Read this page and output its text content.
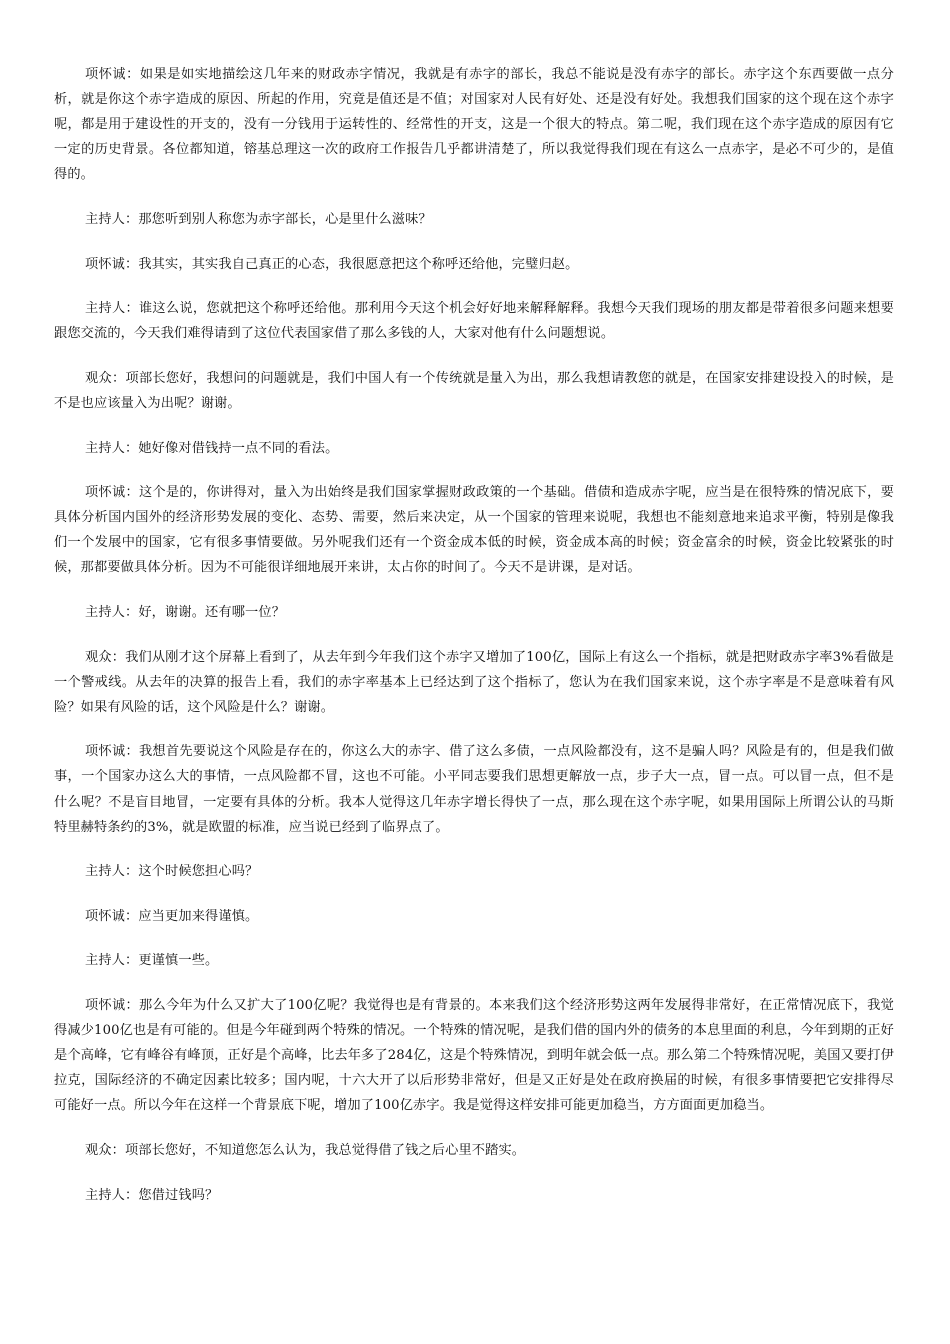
项怀诚：如果是如实地描绘这几年来的财政赤字情况，我就是有赤字的部长，我总不能说是没有赤字的部长。赤字这个东西要做一点分析，就是你这个赤字造成的原因、所起的作用，究竟是值还是不值；对国家对人民有好处、还是没有好处。我想我们国家的这个现在这个赤字呢，都是用于建设性的开支的，没有一分钱用于运转性的、经常性的开支，这是一个很大的特点。第二呢，我们现在这个赤字造成的原因有它一定的历史背景。各位都知道，镕基总理这一次的政府工作报告几乎都讲清楚了，所以我觉得我们现在有这么一点赤字，是必不可少的，是值得的。

主持人：那您听到别人称您为赤字部长，心是里什么滋味？

项怀诚：我其实，其实我自己真正的心态，我很愿意把这个称呼还给他，完璧归赵。

主持人：谁这么说，您就把这个称呼还给他。那利用今天这个机会好好地来解释解释。我想今天我们现场的朋友都是带着很多问题来想要跟您交流的，今天我们难得请到了这位代表国家借了那么多钱的人，大家对他有什么问题想说。

观众：项部长您好，我想问的问题就是，我们中国人有一个传统就是量入为出，那么我想请教您的就是，在国家安排建设投入的时候，是不是也应该量入为出呢？谢谢。

主持人：她好像对借钱持一点不同的看法。

项怀诚：这个是的，你讲得对，量入为出始终是我们国家掌握财政政策的一个基础。借债和造成赤字呢，应当是在很特殊的情况底下，要具体分析国内国外的经济形势发展的变化、态势、需要，然后来决定，从一个国家的管理来说呢，我想也不能刻意地来追求平衡，特别是像我们一个发展中的国家，它有很多事情要做。另外呢我们还有一个资金成本低的时候，资金成本高的时候；资金富余的时候，资金比较紧张的时候，那都要做具体分析。因为不可能很详细地展开来讲，太占你的时间了。今天不是讲课，是对话。

主持人：好，谢谢。还有哪一位？

观众：我们从刚才这个屏幕上看到了，从去年到今年我们这个赤字又增加了100亿，国际上有这么一个指标，就是把财政赤字率3%看做是一个警戒线。从去年的决算的报告上看，我们的赤字率基本上已经达到了这个指标了，您认为在我们国家来说，这个赤字率是不是意味着有风险？如果有风险的话，这个风险是什么？谢谢。

项怀诚：我想首先要说这个风险是存在的，你这么大的赤字、借了这么多债，一点风险都没有，这不是骗人吗？风险是有的，但是我们做事，一个国家办这么大的事情，一点风险都不冒，这也不可能。小平同志要我们思想更解放一点，步子大一点，冒一点。可以冒一点，但不是什么呢？不是盲目地冒，一定要有具体的分析。我本人觉得这几年赤字增长得快了一点，那么现在这个赤字呢，如果用国际上所谓公认的马斯特里赫特条约的3%，就是欧盟的标准，应当说已经到了临界点了。

主持人：这个时候您担心吗？

项怀诚：应当更加来得谨慎。

主持人：更谨慎一些。

项怀诚：那么今年为什么又扩大了100亿呢？我觉得也是有背景的。本来我们这个经济形势这两年发展得非常好，在正常情况底下，我觉得减少100亿也是有可能的。但是今年碰到两个特殊的情况。一个特殊的情况呢，是我们借的国内外的债务的本息里面的利息，今年到期的正好是个高峰，它有峰谷有峰顶，正好是个高峰，比去年多了284亿，这是个特殊情况，到明年就会低一点。那么第二个特殊情况呢，美国又要打伊拉克，国际经济的不确定因素比较多；国内呢，十六大开了以后形势非常好，但是又正好是处在政府换届的时候，有很多事情要把它安排得尽可能好一点。所以今年在这样一个背景底下呢，增加了100亿赤字。我是觉得这样安排可能更加稳当，方方面面更加稳当。

观众：项部长您好，不知道您怎么认为，我总觉得借了钱之后心里不踏实。

主持人：您借过钱吗？
